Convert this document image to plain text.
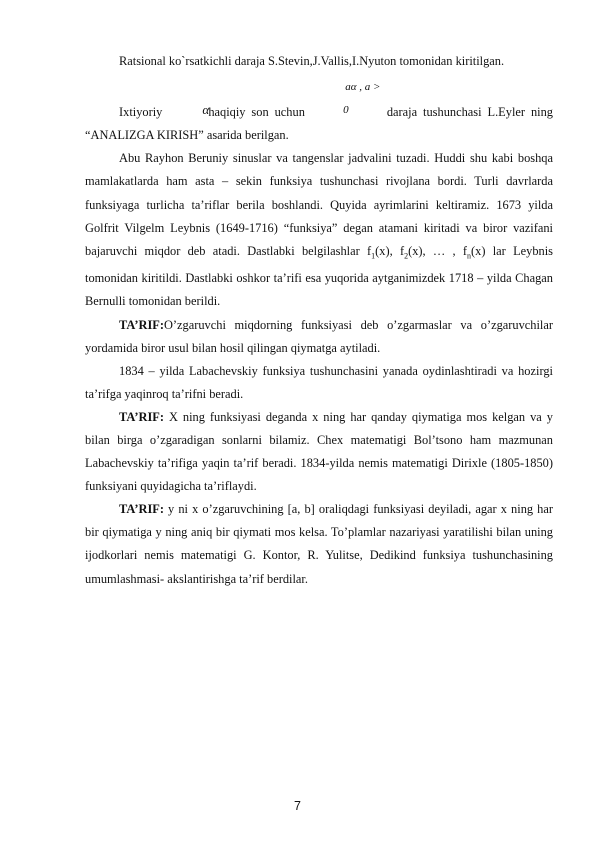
Ratsional ko`rsatkichli daraja S.Stevin,J.Vallis,I.Nyuton tomonidan kiritilgan.

Ixtiyoriy	α haqiqiy son uchun aα , a > 0	daraja tushunchasi L.Eyler ning “ANALIZGA KIRISH” asarida berilgan.

Abu Rayhon Beruniy sinuslar va tangenslar jadvalini tuzadi. Huddi shu kabi boshqa mamlakatlarda ham asta – sekin funksiya tushunchasi rivojlana bordi. Turli davrlarda funksiyaga turlicha ta’riflar berila boshlandi. Quyida ayrimlarini keltiramiz. 1673 yilda Golfrit Vilgelm Leybnis (1649-1716) “funksiya” degan atamani kiritadi va biror vazifani bajaruvchi miqdor deb atadi. Dastlabki belgilashlar $f_1(x)$, $f_2(x)$, … , $f_n(x)$ lar Leybnis tomonidan kiritildi. Dastlabki oshkor ta’rifi esa yuqorida aytganimizdek 1718 – yilda Chagan Bernulli tomonidan berildi.

TA’RIF:O’zgaruvchi miqdorning funksiyasi deb o’zgarmaslar va o’zgaruvchilar yordamida biror usul bilan hosil qilingan qiymatga aytiladi.

1834 – yilda Labachevskiy funksiya tushunchasini yanada oydinlashtiradi va hozirgi ta’rifga yaqinroq ta’rifni beradi.

TA’RIF: X ning funksiyasi deganda x ning har qanday qiymatiga mos kelgan va y bilan birga o’zgaradigan sonlarni bilamiz. Chex matematigi Bol’tsono ham mazmunan Labachevskiy ta’rifiga yaqin ta’rif beradi. 1834-yilda nemis matematigi Dirixle (1805-1850) funksiyani quyidagicha ta’riflaydi.

TA’RIF: y ni x o’zgaruvchining [a, b] oraliqdagi funksiyasi deyiladi, agar x ning har bir qiymatiga y ning aniq bir qiymati mos kelsa. To’plamlar nazariyasi yaratilishi bilan uning ijodkorlari nemis matematigi G. Kontor, R. Yulitse, Dedikind funksiya tushunchasining umumlashmasi- akslantirishga ta’rif berdilar.

7
